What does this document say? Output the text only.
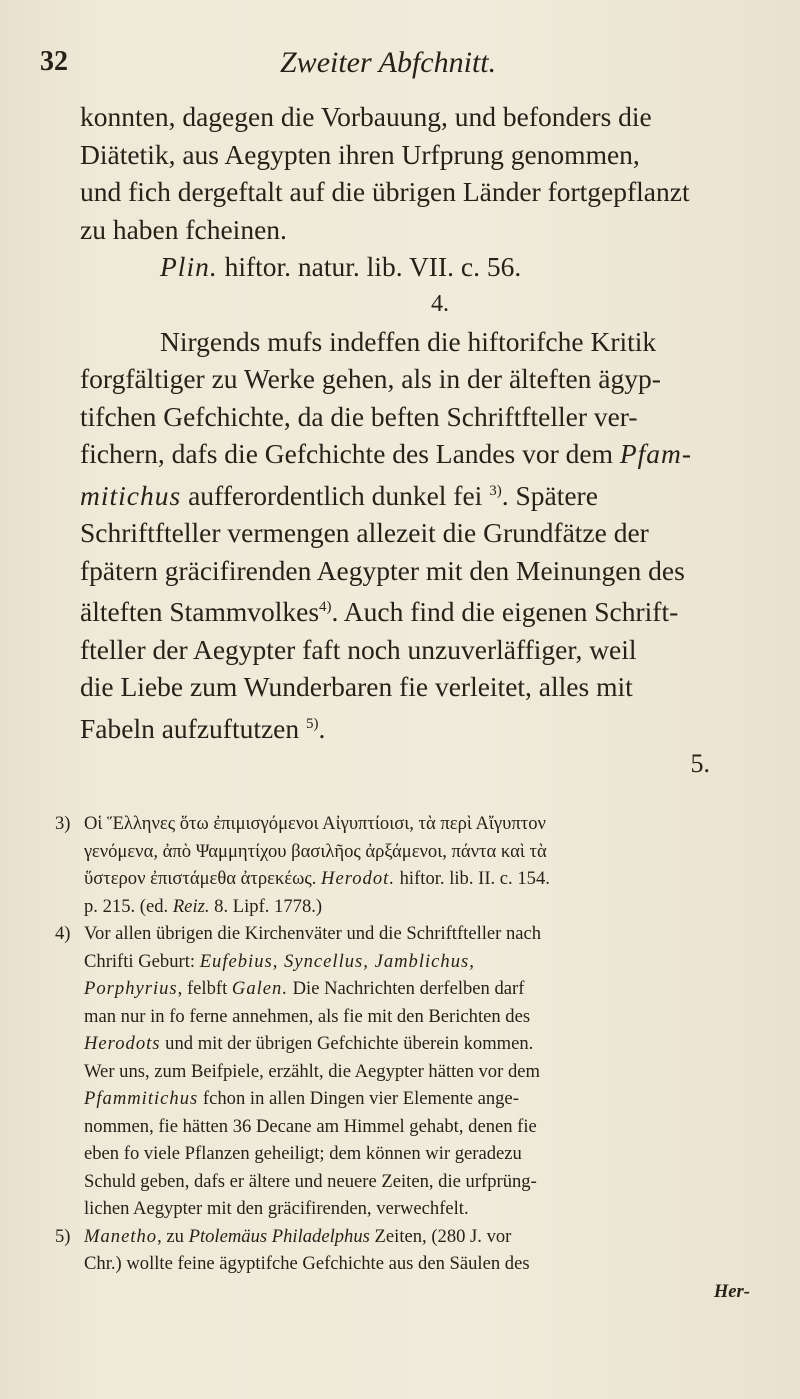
32	Zweiter Abfchnitt.
konnten, dagegen die Vorbauung, und befonders die
Diätetik, aus Aegypten ihren Urfprung genommen,
und fich dergeftalt auf die übrigen Länder fortgepflanzt
zu haben fcheinen.
Plin. hiftor. natur. lib. VII. c. 56.
4.
Nirgends mufs indeffen die hiftorifche Kritik
forgfältiger zu Werke gehen, als in der älteften ägyp-
tifchen Gefchichte, da die beften Schriftfteller ver-
fichern, dafs die Gefchichte des Landes vor dem Pfam-
mitichus aufferordentlich dunkel fei $^{3)}$. Spätere
Schriftfteller vermengen allezeit die Grundfätze der
fpätern gräcifirenden Aegypter mit den Meinungen des
älteften Stammvolkes$^{4)}$. Auch find die eigenen Schrift-
fteller der Aegypter faft noch unzuverläffiger, weil
die Liebe zum Wunderbaren fie verleitet, alles mit
Fabeln aufzuftutzen $^{5)}$.
5.
3) Οἱ Ἕλληνες ὅτω ἐπιμισγόμενοι Αἰγυπτίοισι, τὰ περὶ Αἴγυπτον
γενόμενα, ἀπὸ Ψαμμητίχου βασιλῆος ἀρξάμενοι, πάντα καὶ τὰ
ὕστερον ἐπιστάμεθα ἀτρεκέως. Herodot. hiftor. lib. II. c. 154.
p. 215. (ed. Reiz. 8. Lipf. 1778.)
4) Vor allen übrigen die Kirchenväter und die Schriftfteller nach
Chrifti Geburt: Eufebius, Syncellus, Jamblichus,
Porphyrius, felbft Galen. Die Nachrichten derfelben darf
man nur in fo ferne annehmen, als fie mit den Berichten des
Herodots und mit der übrigen Gefchichte überein kommen.
Wer uns, zum Beifpiele, erzählt, die Aegypter hätten vor dem
Pfammitichus fchon in allen Dingen vier Elemente ange-
nommen, fie hätten 36 Decane am Himmel gehabt, denen fie
eben fo viele Pflanzen geheiligt; dem können wir geradezu
Schuld geben, dafs er ältere und neuere Zeiten, die urfprüng-
lichen Aegypter mit den gräcifirenden, verwechfelt.
5) Manetho, zu Ptolemäus Philadelphus Zeiten, (280 J. vor
Chr.) wollte feine ägyptifche Gefchichte aus den Säulen des
Her-
